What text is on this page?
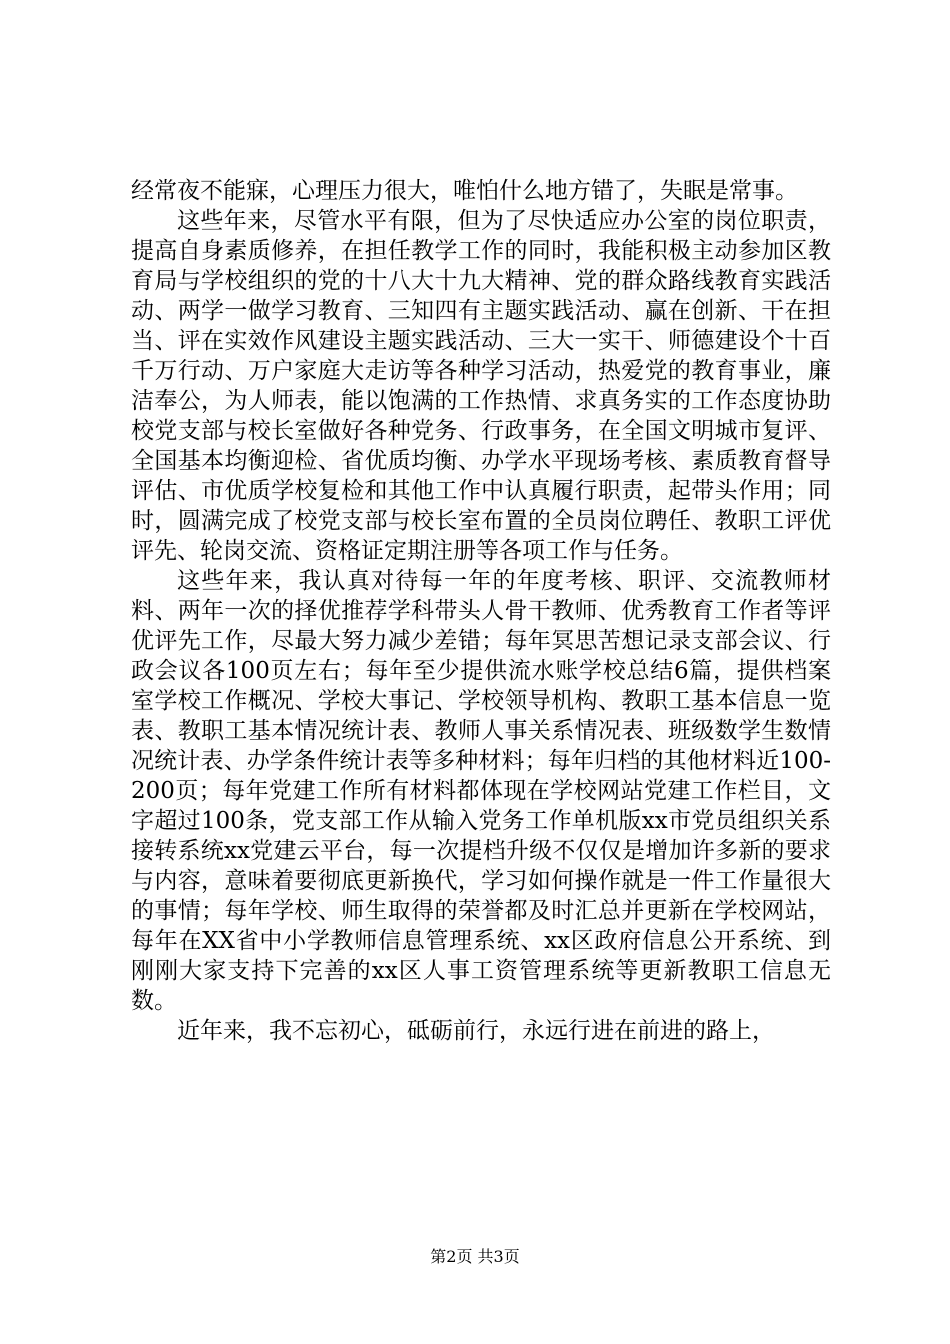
经常夜不能寐，心理压力很大，唯怕什么地方错了，失眠是常事。

这些年来，尽管水平有限，但为了尽快适应办公室的岗位职责，提高自身素质修养，在担任教学工作的同时，我能积极主动参加区教育局与学校组织的党的十八大十九大精神、党的群众路线教育实践活动、两学一做学习教育、三知四有主题实践活动、赢在创新、干在担当、评在实效作风建设主题实践活动、三大一实干、师德建设个十百千万行动、万户家庭大走访等各种学习活动，热爱党的教育事业，廉洁奉公，为人师表，能以饱满的工作热情、求真务实的工作态度协助校党支部与校长室做好各种党务、行政事务，在全国文明城市复评、全国基本均衡迎检、省优质均衡、办学水平现场考核、素质教育督导评估、市优质学校复检和其他工作中认真履行职责，起带头作用；同时，圆满完成了校党支部与校长室布置的全员岗位聘任、教职工评优评先、轮岗交流、资格证定期注册等各项工作与任务。

这些年来，我认真对待每一年的年度考核、职评、交流教师材料、两年一次的择优推荐学科带头人骨干教师、优秀教育工作者等评优评先工作，尽最大努力减少差错；每年冥思苦想记录支部会议、行政会议各100页左右；每年至少提供流水账学校总结6篇，提供档案室学校工作概况、学校大事记、学校领导机构、教职工基本信息一览表、教职工基本情况统计表、教师人事关系情况表、班级数学生数情况统计表、办学条件统计表等多种材料；每年归档的其他材料近100-200页；每年党建工作所有材料都体现在学校网站党建工作栏目，文字超过100条，党支部工作从输入党务工作单机版xx市党员组织关系接转系统xx党建云平台，每一次提档升级不仅仅是增加许多新的要求与内容，意味着要彻底更新换代，学习如何操作就是一件工作量很大的事情；每年学校、师生取得的荣誉都及时汇总并更新在学校网站，每年在XX省中小学教师信息管理系统、xx区政府信息公开系统、到刚刚大家支持下完善的xx区人事工资管理系统等更新教职工信息无数。

近年来，我不忘初心，砥砺前行，永远行进在前进的路上，

第2页 共3页
